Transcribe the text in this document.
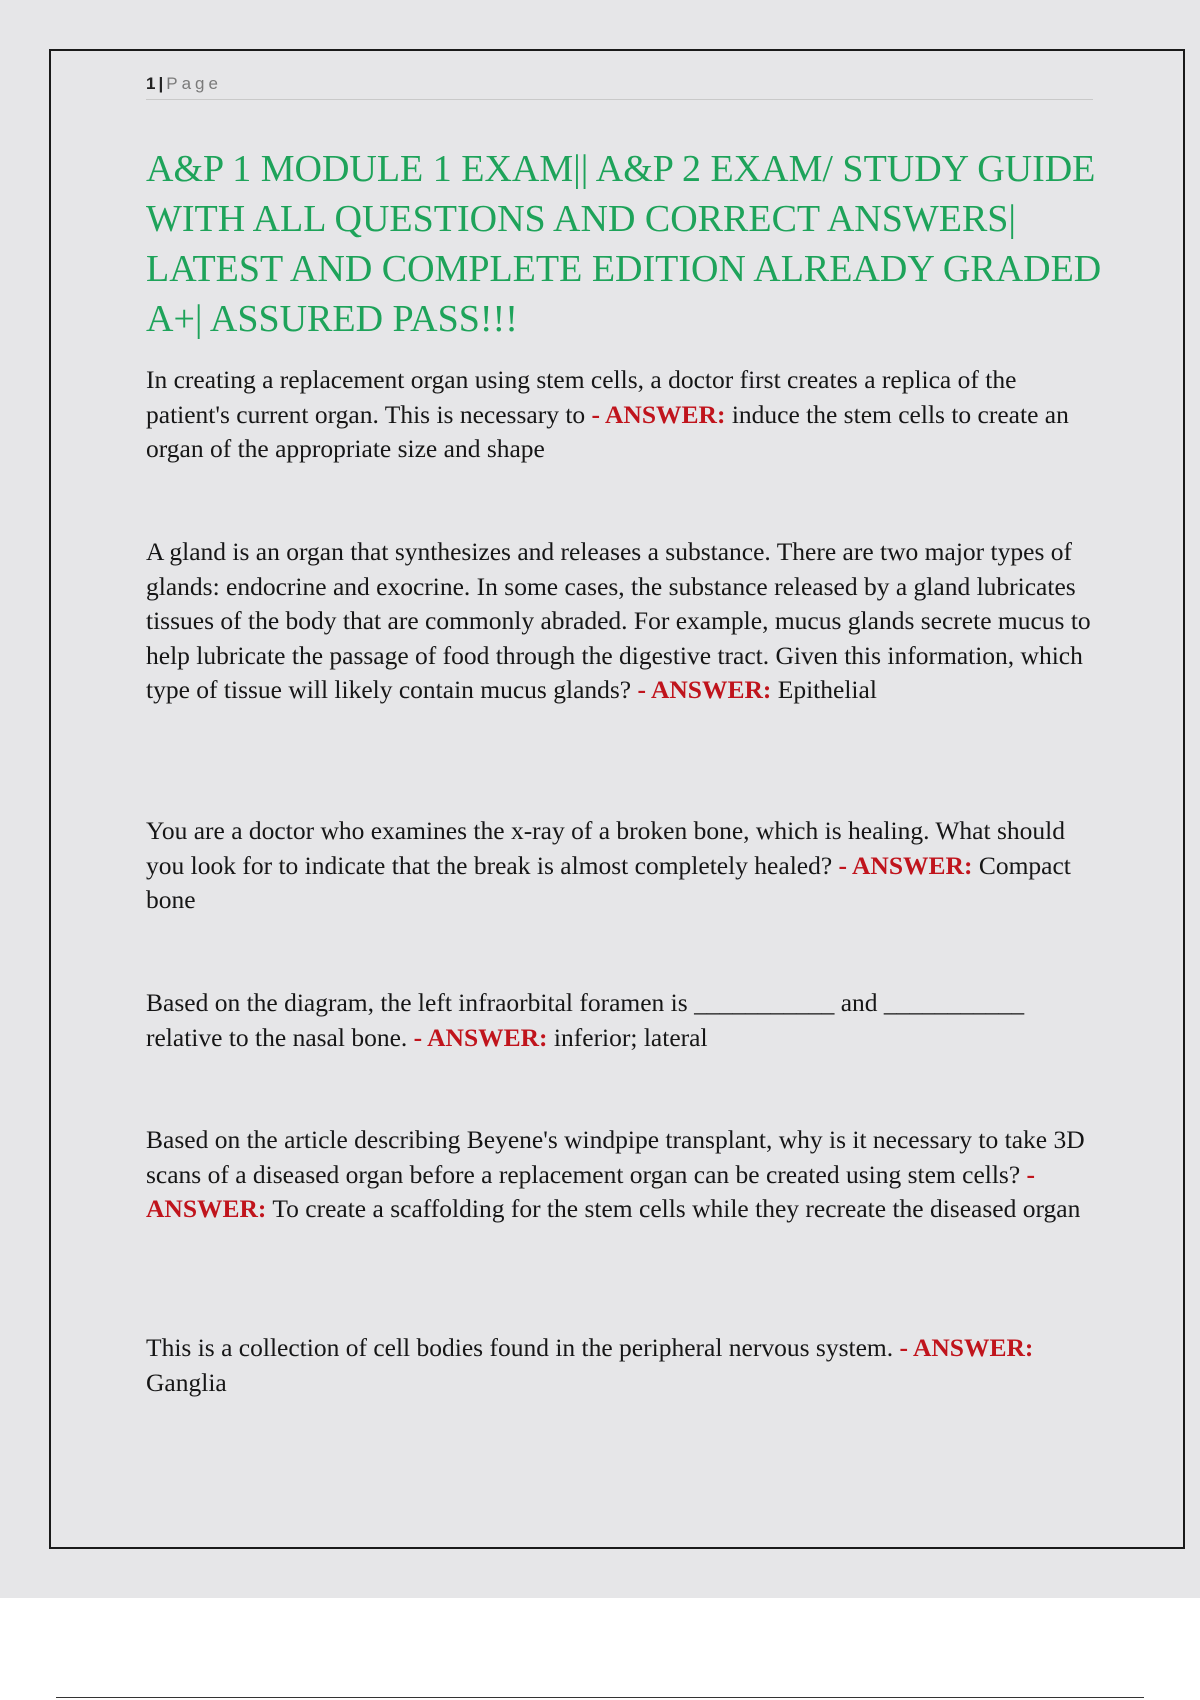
1 | Page
A&P 1 MODULE 1 EXAM|| A&P 2 EXAM/ STUDY GUIDE WITH ALL QUESTIONS AND CORRECT ANSWERS| LATEST AND COMPLETE EDITION ALREADY GRADED A+| ASSURED PASS!!!

In creating a replacement organ using stem cells, a doctor first creates a replica of the patient's current organ. This is necessary to - ANSWER: induce the stem cells to create an organ of the appropriate size and shape

A gland is an organ that synthesizes and releases a substance. There are two major types of glands: endocrine and exocrine. In some cases, the substance released by a gland lubricates tissues of the body that are commonly abraded. For example, mucus glands secrete mucus to help lubricate the passage of food through the digestive tract. Given this information, which type of tissue will likely contain mucus glands? - ANSWER: Epithelial

You are a doctor who examines the x-ray of a broken bone, which is healing. What should you look for to indicate that the break is almost completely healed? - ANSWER: Compact bone

Based on the diagram, the left infraorbital foramen is ___________ and ___________ relative to the nasal bone. - ANSWER: inferior; lateral

Based on the article describing Beyene's windpipe transplant, why is it necessary to take 3D scans of a diseased organ before a replacement organ can be created using stem cells? - ANSWER: To create a scaffolding for the stem cells while they recreate the diseased organ

This is a collection of cell bodies found in the peripheral nervous system. - ANSWER: Ganglia
